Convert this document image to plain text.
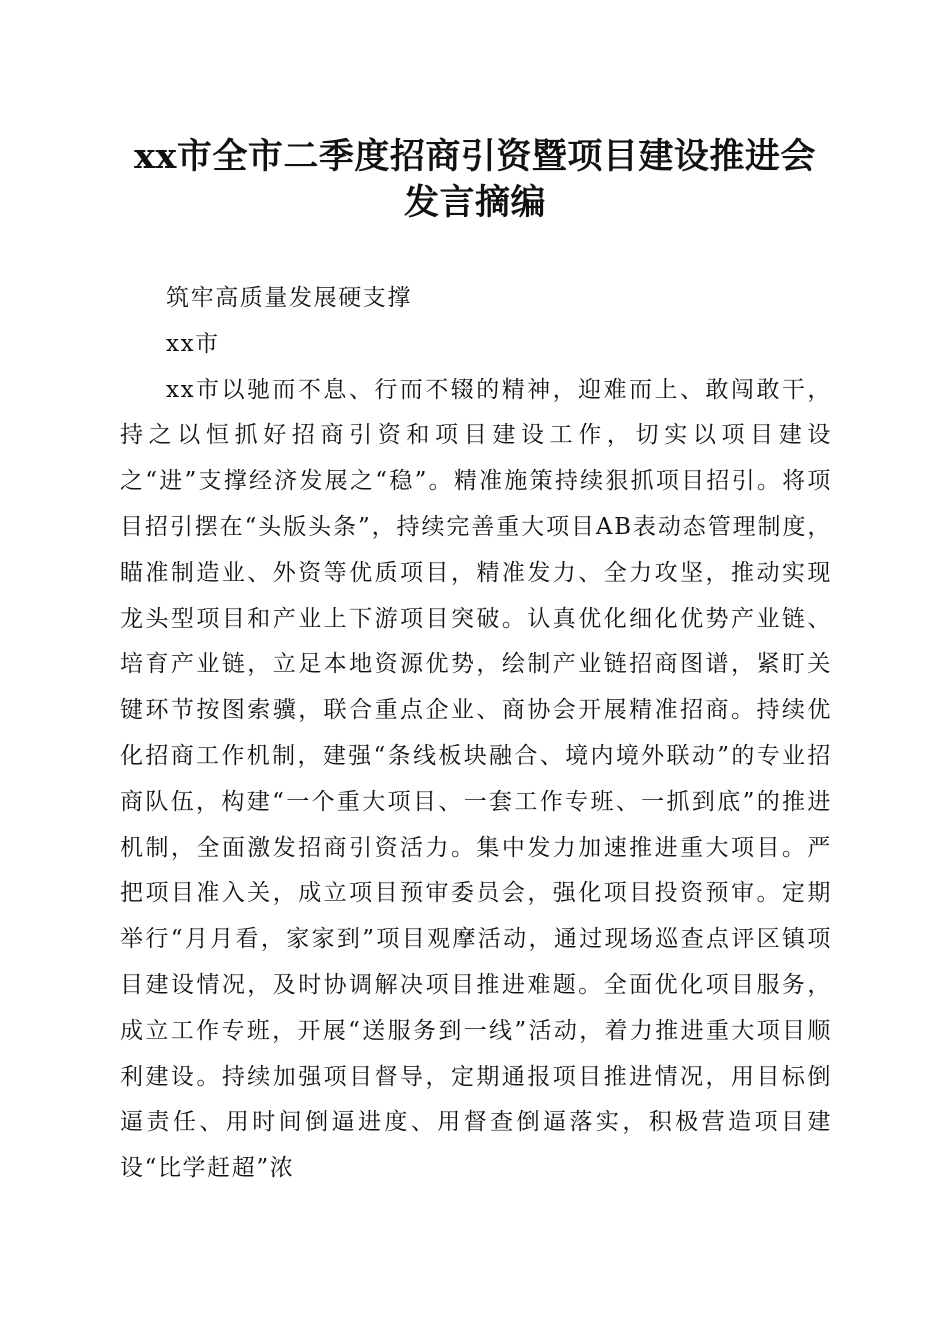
xx市全市二季度招商引资暨项目建设推进会
发言摘编

筑牢高质量发展硬支撑

xx市

xx市以驰而不息、行而不辍的精神，迎难而上、敢闯敢干，持之以恒抓好招商引资和项目建设工作，切实以项目建设之“进”支撑经济发展之“稳”。精准施策持续狠抓项目招引。将项目招引摆在“头版头条”，持续完善重大项目AB表动态管理制度，瞄准制造业、外资等优质项目，精准发力、全力攻坚，推动实现龙头型项目和产业上下游项目突破。认真优化细化优势产业链、培育产业链，立足本地资源优势，绘制产业链招商图谱，紧盯关键环节按图索骥，联合重点企业、商协会开展精准招商。持续优化招商工作机制，建强“条线板块融合、境内境外联动”的专业招商队伍，构建“一个重大项目、一套工作专班、一抓到底”的推进机制，全面激发招商引资活力。集中发力加速推进重大项目。严把项目准入关，成立项目预审委员会，强化项目投资预审。定期举行“月月看，家家到”项目观摩活动，通过现场巡查点评区镇项目建设情况，及时协调解决项目推进难题。全面优化项目服务，成立工作专班，开展“送服务到一线”活动，着力推进重大项目顺利建设。持续加强项目督导，定期通报项目推进情况，用目标倒逼责任、用时间倒逼进度、用督查倒逼落实，积极营造项目建设“比学赶超”浓
